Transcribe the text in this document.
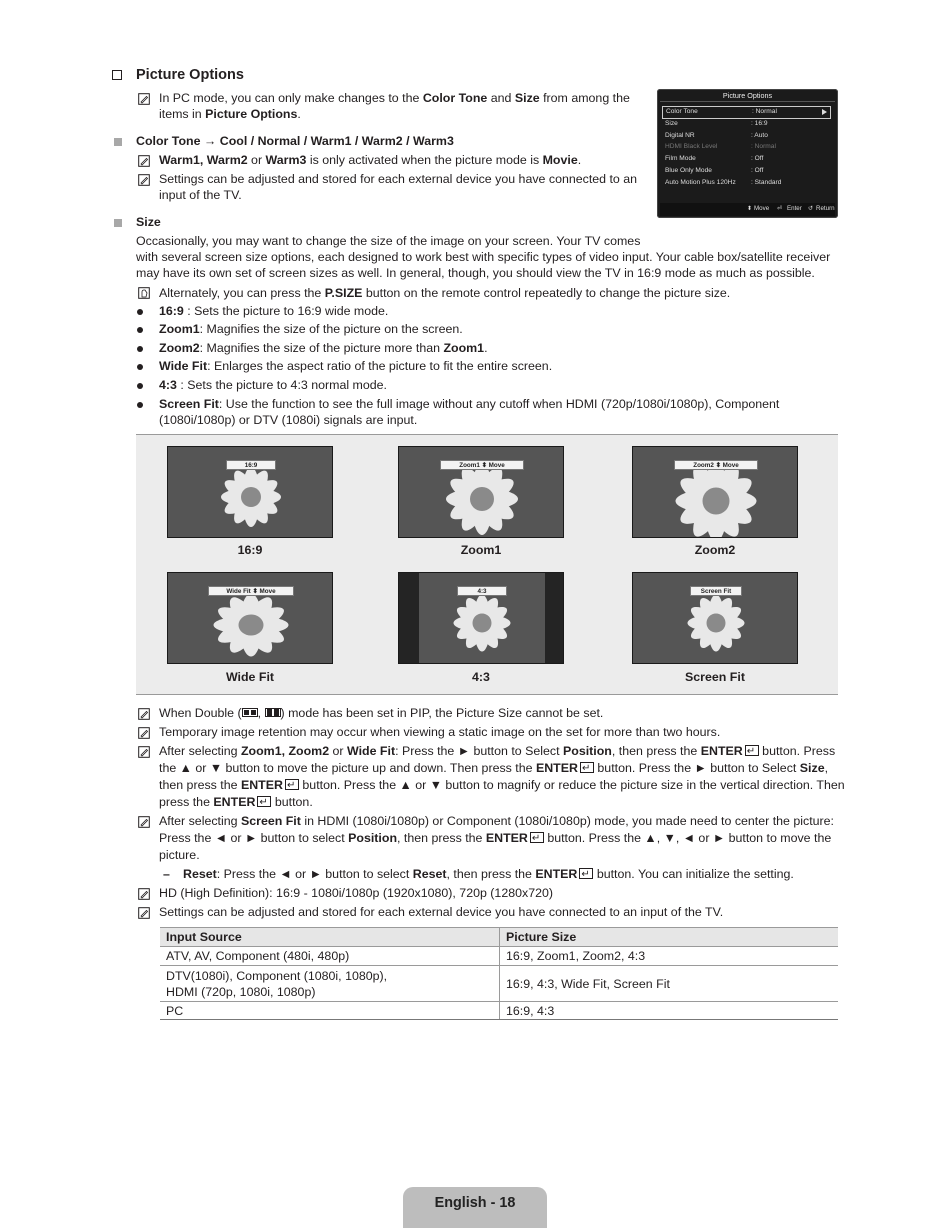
Picture Options
In PC mode, you can only make changes to the Color Tone and Size from among the
items in Picture Options.
Color Tone → Cool / Normal / Warm1 / Warm2 / Warm3
Warm1, Warm2 or Warm3 is only activated when the picture mode is Movie.
Settings can be adjusted and stored for each external device you have connected to an
input of the TV.
Picture Options
Color Tone	: Normal
Size	: 16:9
Digital NR	: Auto
HDMI Black Level	: Normal
Film Mode	: Off
Blue Only Mode	: Off
Auto Motion Plus 120Hz : Standard
⬍ Move ⏎ Enter ↺ Return
Size
Occasionally, you may want to change the size of the image on your screen. Your TV comes
with several screen size options, each designed to work best with specific types of video input. Your cable box/satellite receiver
may have its own set of screen sizes as well. In general, though, you should view the TV in 16:9 mode as much as possible.
Alternately, you can press the P.SIZE button on the remote control repeatedly to change the picture size.
16:9 : Sets the picture to 16:9 wide mode.
Zoom1: Magnifies the size of the picture on the screen.
Zoom2: Magnifies the size of the picture more than Zoom1.
Wide Fit: Enlarges the aspect ratio of the picture to fit the entire screen.
4:3 : Sets the picture to 4:3 normal mode.
Screen Fit: Use the function to see the full image without any cutoff when HDMI (720p/1080i/1080p), Component
(1080i/1080p) or DTV (1080i) signals are input.
16:9
16:9
Zoom1 ⬍ Move
Zoom1
Zoom2 ⬍ Move
Zoom2
Wide Fit ⬍ Move
Wide Fit
4:3
4:3
Screen Fit
Screen Fit
When Double ( ,
) mode has been set in PIP, the Picture Size cannot be set.
Temporary image retention may occur when viewing a static image on the set for more than two hours.
After selecting Zoom1, Zoom2 or Wide Fit: Press the ► button to Select Position, then press the ENTER↵ button. Press
the ▲ or ▼ button to move the picture up and down. Then press the ENTER↵ button. Press the ► button to Select Size,
then press the ENTER↵ button. Press the ▲ or ▼ button to magnify or reduce the picture size in the vertical direction. Then
press the ENTER↵ button.
After selecting Screen Fit in HDMI (1080i/1080p) or Component (1080i/1080p) mode, you made need to center the picture:
Press the ◄ or ► button to select Position, then press the ENTER↵ button. Press the ▲, ▼, ◄ or ► button to move the
picture.
– Reset: Press the ◄ or ► button to select Reset, then press the ENTER↵ button. You can initialize the setting.
HD (High Definition): 16:9 - 1080i/1080p (1920x1080), 720p (1280x720)
Settings can be adjusted and stored for each external device you have connected to an input of the TV.
Input Source	Picture Size
ATV, AV, Component (480i, 480p)	16:9, Zoom1, Zoom2, 4:3

DTV(1080i), Component (1080i, 1080p),
HDMI (720p, 1080i, 1080p)	16:9, 4:3, Wide Fit, Screen Fit
PC	16:9, 4:3
English - 18
